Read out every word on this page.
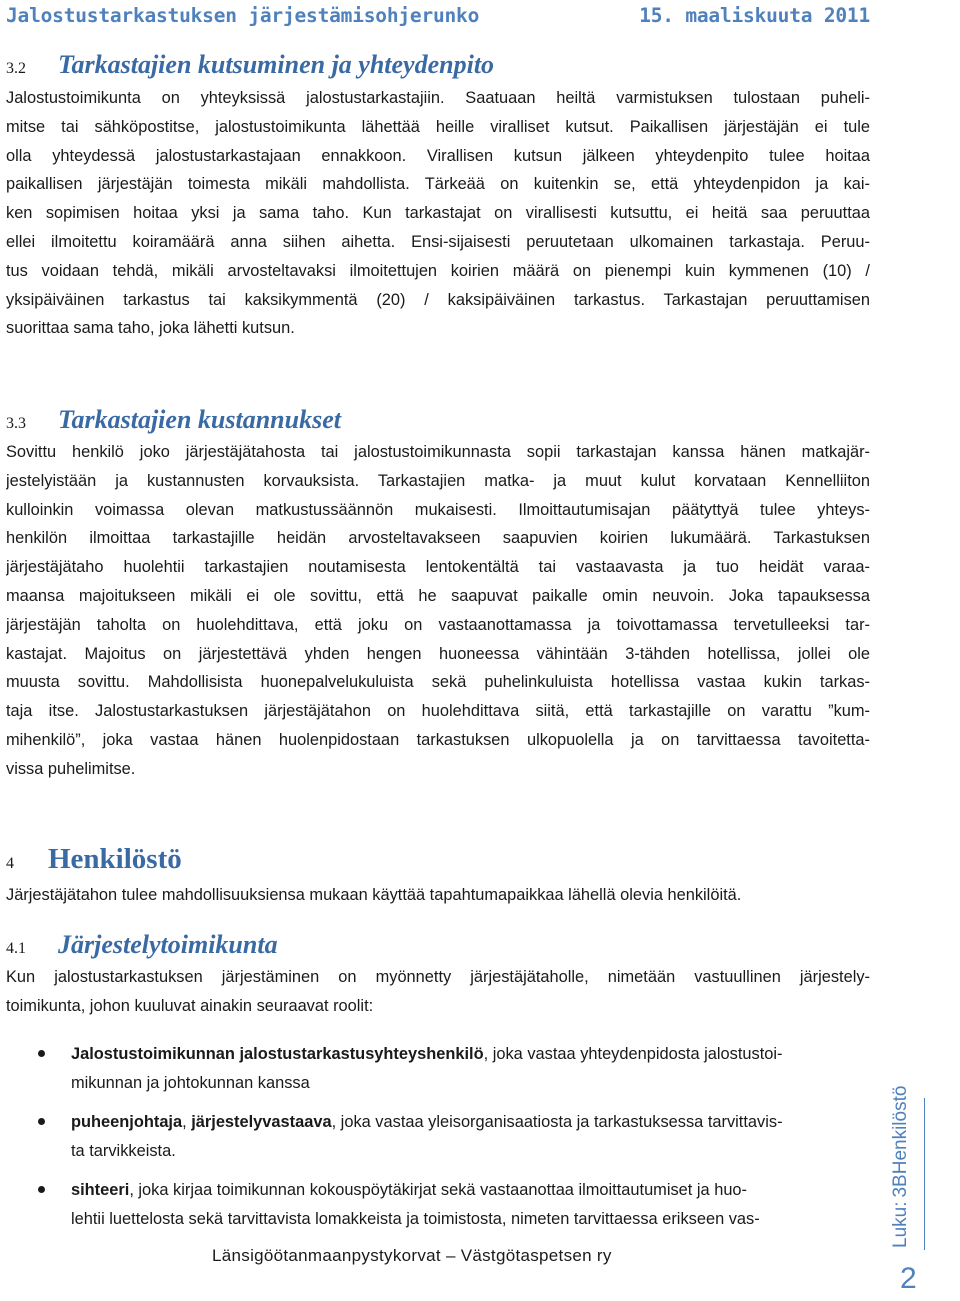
Jalostustarkastuksen järjestämisohjerunko	15. maaliskuuta 2011
3.2 Tarkastajien kutsuminen ja yhteydenpito
Jalostustoimikunta on yhteyksissä jalostustarkastajiin. Saatuaan heiltä varmistuksen tulostaan puheli-
mitse tai sähköpostitse, jalostustoimikunta lähettää heille viralliset kutsut. Paikallisen järjestäjän ei tule
olla yhteydessä jalostustarkastajaan ennakkoon. Virallisen kutsun jälkeen yhteydenpito tulee hoitaa
paikallisen järjestäjän toimesta mikäli mahdollista. Tärkeää on kuitenkin se, että yhteydenpidon ja kai-
ken sopimisen hoitaa yksi ja sama taho. Kun tarkastajat on virallisesti kutsuttu, ei heitä saa peruuttaa
ellei ilmoitettu koiramäärä anna siihen aihetta. Ensi-sijaisesti peruutetaan ulkomainen tarkastaja. Peruu-
tus voidaan tehdä, mikäli arvosteltavaksi ilmoitettujen koirien määrä on pienempi kuin kymmenen (10) /
yksipäiväinen tarkastus tai kaksikymmentä (20) / kaksipäiväinen tarkastus. Tarkastajan peruuttamisen
suorittaa sama taho, joka lähetti kutsun.
3.3 Tarkastajien kustannukset
Sovittu henkilö joko järjestäjätahosta tai jalostustoimikunnasta sopii tarkastajan kanssa hänen matkajär-
jestelyistään ja kustannusten korvauksista. Tarkastajien matka- ja muut kulut korvataan Kennelliiton
kulloinkin voimassa olevan matkustussäännön mukaisesti. Ilmoittautumisajan päätyttyä tulee yhteys-
henkilön ilmoittaa tarkastajille heidän arvosteltavakseen saapuvien koirien lukumäärä. Tarkastuksen
järjestäjätaho huolehtii tarkastajien noutamisesta lentokentältä tai vastaavasta ja tuo heidät varaa-
maansa majoitukseen mikäli ei ole sovittu, että he saapuvat paikalle omin neuvoin. Joka tapauksessa
järjestäjän taholta on huolehdittava, että joku on vastaanottamassa ja toivottamassa tervetulleeksi tar-
kastajat. Majoitus on järjestettävä yhden hengen huoneessa vähintään 3-tähden hotellissa, jollei ole
muusta sovittu. Mahdollisista huonepalvelukuluista sekä puhelinkuluista hotellissa vastaa kukin tarkas-
taja itse. Jalostustarkastuksen järjestäjätahon on huolehdittava siitä, että tarkastajille on varattu ”kum-
mihenkilö”, joka vastaa hänen huolenpidostaan tarkastuksen ulkopuolella ja on tarvittaessa tavoitetta-
vissa puhelimitse.
4 Henkilöstö
Järjestäjätahon tulee mahdollisuuksiensa mukaan käyttää tapahtumapaikkaa lähellä olevia henkilöitä.
4.1 Järjestelytoimikunta
Kun jalostustarkastuksen järjestäminen on myönnetty järjestäjätaholle, nimetään vastuullinen järjestely-
toimikunta, johon kuuluvat ainakin seuraavat roolit:
Jalostustoimikunnan jalostustarkastusyhteyshenkilö, joka vastaa yhteydenpidosta jalostustoi-
mikunnan ja johtokunnan kanssa
puheenjohtaja, järjestelyvastaava, joka vastaa yleisorganisaatiosta ja tarkastuksessa tarvittavis-
ta tarvikkeista.
sihteeri, joka kirjaa toimikunnan kokouspöytäkirjat sekä vastaanottaa ilmoittautumiset ja huo-
lehtii luettelosta sekä tarvittavista lomakkeista ja toimistosta, nimeten tarvittaessa erikseen vas-
Länsigöötanmaanpystykorvat – Västgötaspetsen ry
Luku:3BHenkilöstö
2
